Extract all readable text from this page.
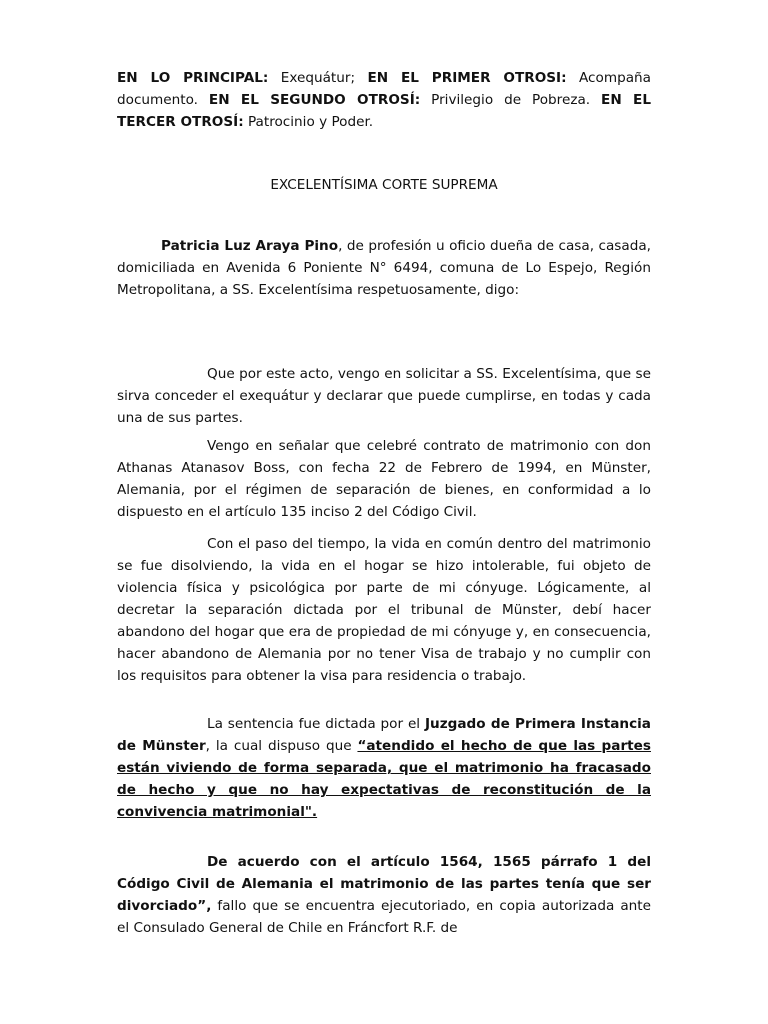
EN LO PRINCIPAL: Exequátur; EN EL PRIMER OTROSI: Acompaña documento. EN EL SEGUNDO OTROSÍ: Privilegio de Pobreza. EN EL TERCER OTROSÍ: Patrocinio y Poder.

EXCELENTÍSIMA CORTE SUPREMA

Patricia Luz Araya Pino, de profesión u oficio dueña de casa, casada, domiciliada en Avenida 6 Poniente N° 6494, comuna de Lo Espejo, Región Metropolitana, a SS. Excelentísima respetuosamente, digo:

Que por este acto, vengo en solicitar a SS. Excelentísima, que se sirva conceder el exequátur y declarar que puede cumplirse, en todas y cada una de sus partes.

Vengo en señalar que celebré contrato de matrimonio con don Athanas Atanasov Boss, con fecha 22 de Febrero de 1994, en Münster, Alemania, por el régimen de separación de bienes, en conformidad a lo dispuesto en el artículo 135 inciso 2 del Código Civil.

Con el paso del tiempo, la vida en común dentro del matrimonio se fue disolviendo, la vida en el hogar se hizo intolerable, fui objeto de violencia física y psicológica por parte de mi cónyuge. Lógicamente, al decretar la separación dictada por el tribunal de Münster, debí hacer abandono del hogar que era de propiedad de mi cónyuge y, en consecuencia, hacer abandono de Alemania por no tener Visa de trabajo y no cumplir con los requisitos para obtener la visa para residencia o trabajo.

La sentencia fue dictada por el Juzgado de Primera Instancia de Münster, la cual dispuso que “atendido el hecho de que las partes están viviendo de forma separada, que el matrimonio ha fracasado de hecho y que no hay expectativas de reconstitución de la convivencia matrimonial".

De acuerdo con el artículo 1564, 1565 párrafo 1 del Código Civil de Alemania el matrimonio de las partes tenía que ser divorciado”, fallo que se encuentra ejecutoriado, en copia autorizada ante el Consulado General de Chile en Fráncfort R.F. de
